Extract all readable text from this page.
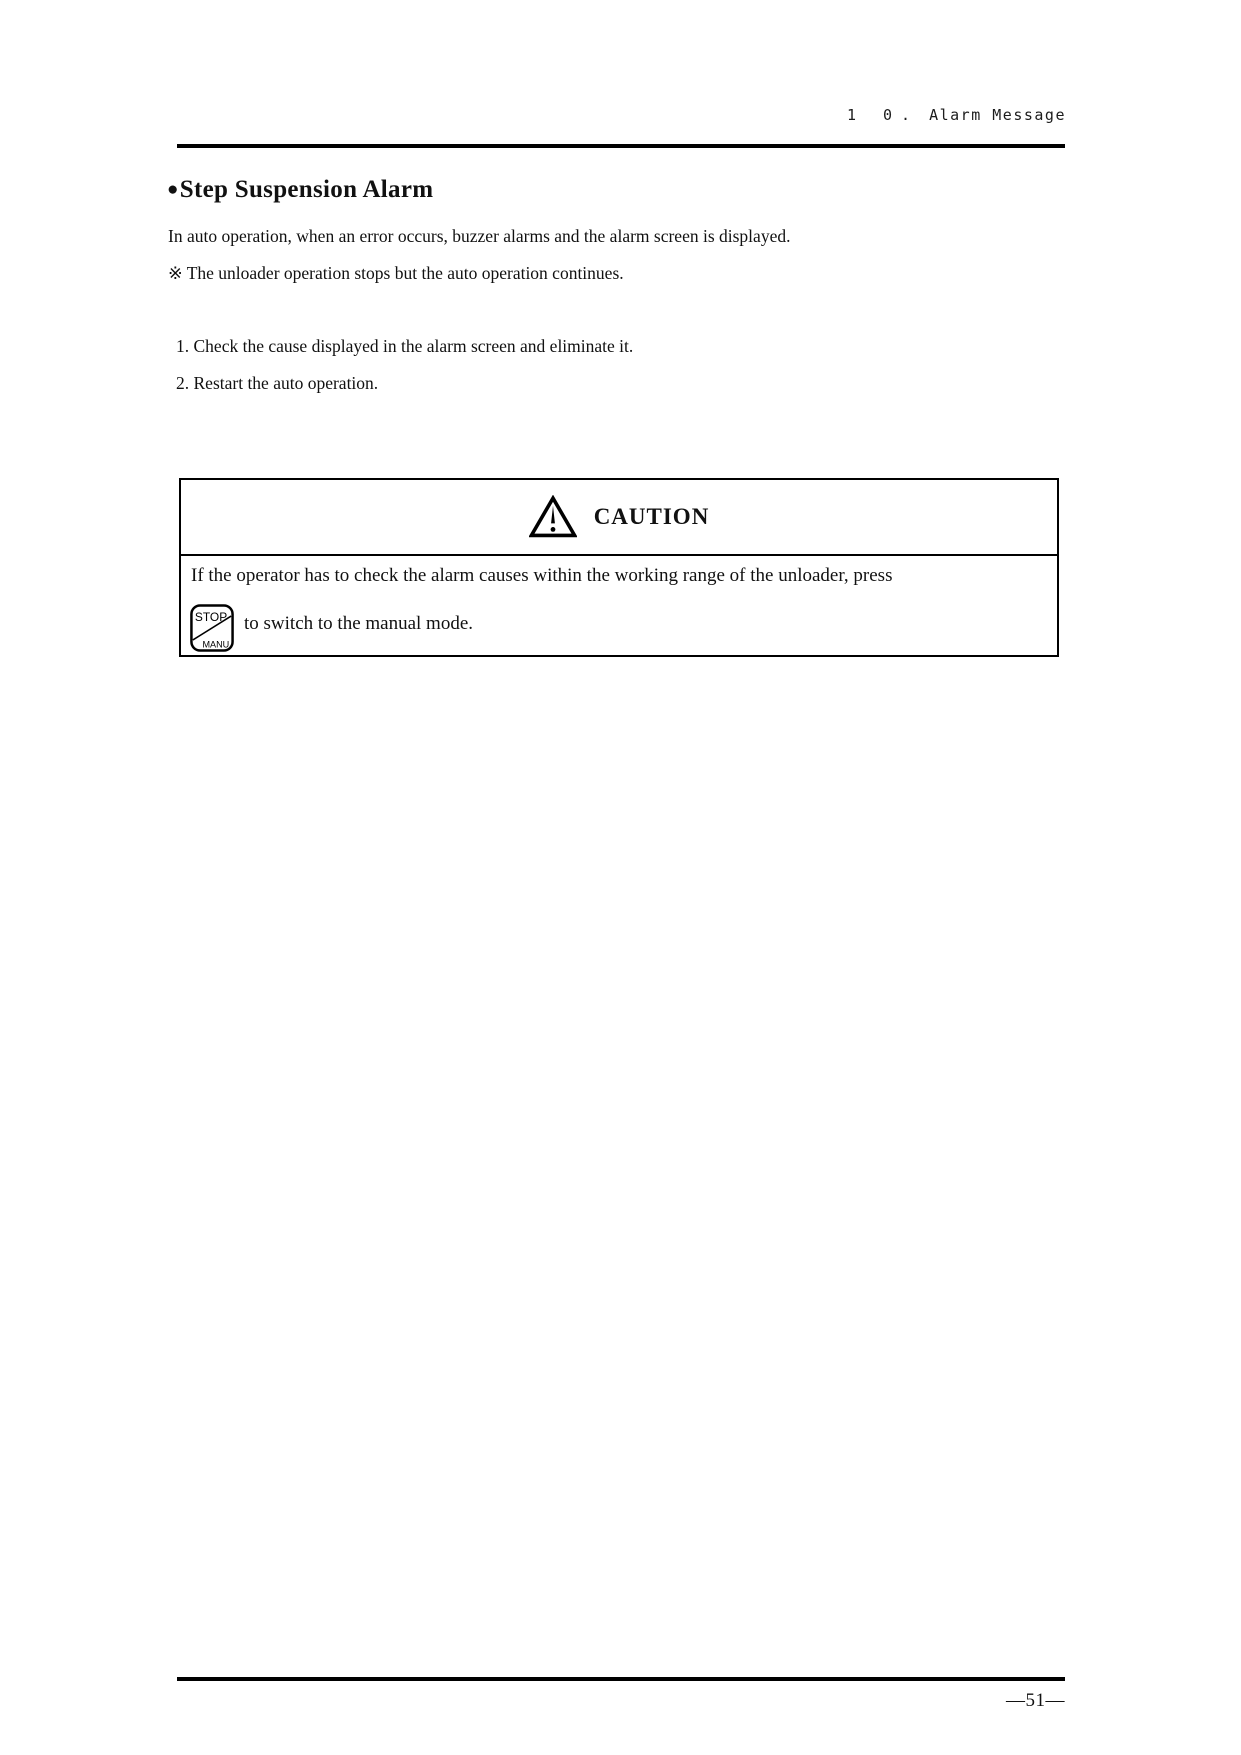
1 0. Alarm Message
●Step Suspension Alarm
In auto operation, when an error occurs, buzzer alarms and the alarm screen is displayed.
※ The unloader operation stops but the auto operation continues.
1. Check the cause displayed in the alarm screen and eliminate it.
2. Restart the auto operation.
CAUTION
If the operator has to check the alarm causes within the working range of the unloader, press
STOP
MANU
to switch to the manual mode.
—51—
